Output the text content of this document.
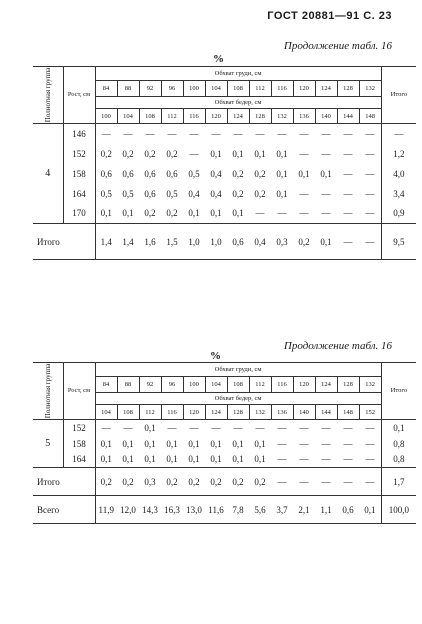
ГОСТ 20881—91 С. 23
Продолжение табл. 16
%
Полнотная группа	Рост, см	Обхват груди, см													Итого
		84	88	92	96	100	104	108	112	116	120	124	128	132	
		Обхват бедер, см													
		100	104	108	112	116	120	124	128	132	136	140	144	148	
4	146	—	—	—	—	—	—	—	—	—	—	—	—	—	—
	152	0,2	0,2	0,2	0,2	—	0,1	0,1	0,1	0,1	—	—	—	—	1,2
	158	0,6	0,6	0,6	0,6	0,5	0,4	0,2	0,2	0,1	0,1	0,1	—	—	4,0
	164	0,5	0,5	0,6	0,5	0,4	0,4	0,2	0,2	0,1	—	—	—	—	3,4
	170	0,1	0,1	0,2	0,2	0,1	0,1	0,1	—	—	—	—	—	—	0,9
Итого		1,4	1,4	1,6	1,5	1,0	1,0	0,6	0,4	0,3	0,2	0,1	—	—	9,5
Продолжение табл. 16
%
Полнотная группа	Рост, см	Обхват груди, см													Итого
		84	88	92	96	100	104	108	112	116	120	124	128	132	
		Обхват бедер, см													
		104	108	112	116	120	124	128	132	136	140	144	148	152	
5	152	—	—	0,1	—	—	—	—	—	—	—	—	—	—	0,1
	158	0,1	0,1	0,1	0,1	0,1	0,1	0,1	0,1	—	—	—	—	—	0,8
	164	0,1	0,1	0,1	0,1	0,1	0,1	0,1	0,1	—	—	—	—	—	0,8
Итого		0,2	0,2	0,3	0,2	0,2	0,2	0,2	0,2	—	—	—	—	—	1,7
Всего		11,9	12,0	14,3	16,3	13,0	11,6	7,8	5,6	3,7	2,1	1,1	0,6	0,1	100,0
